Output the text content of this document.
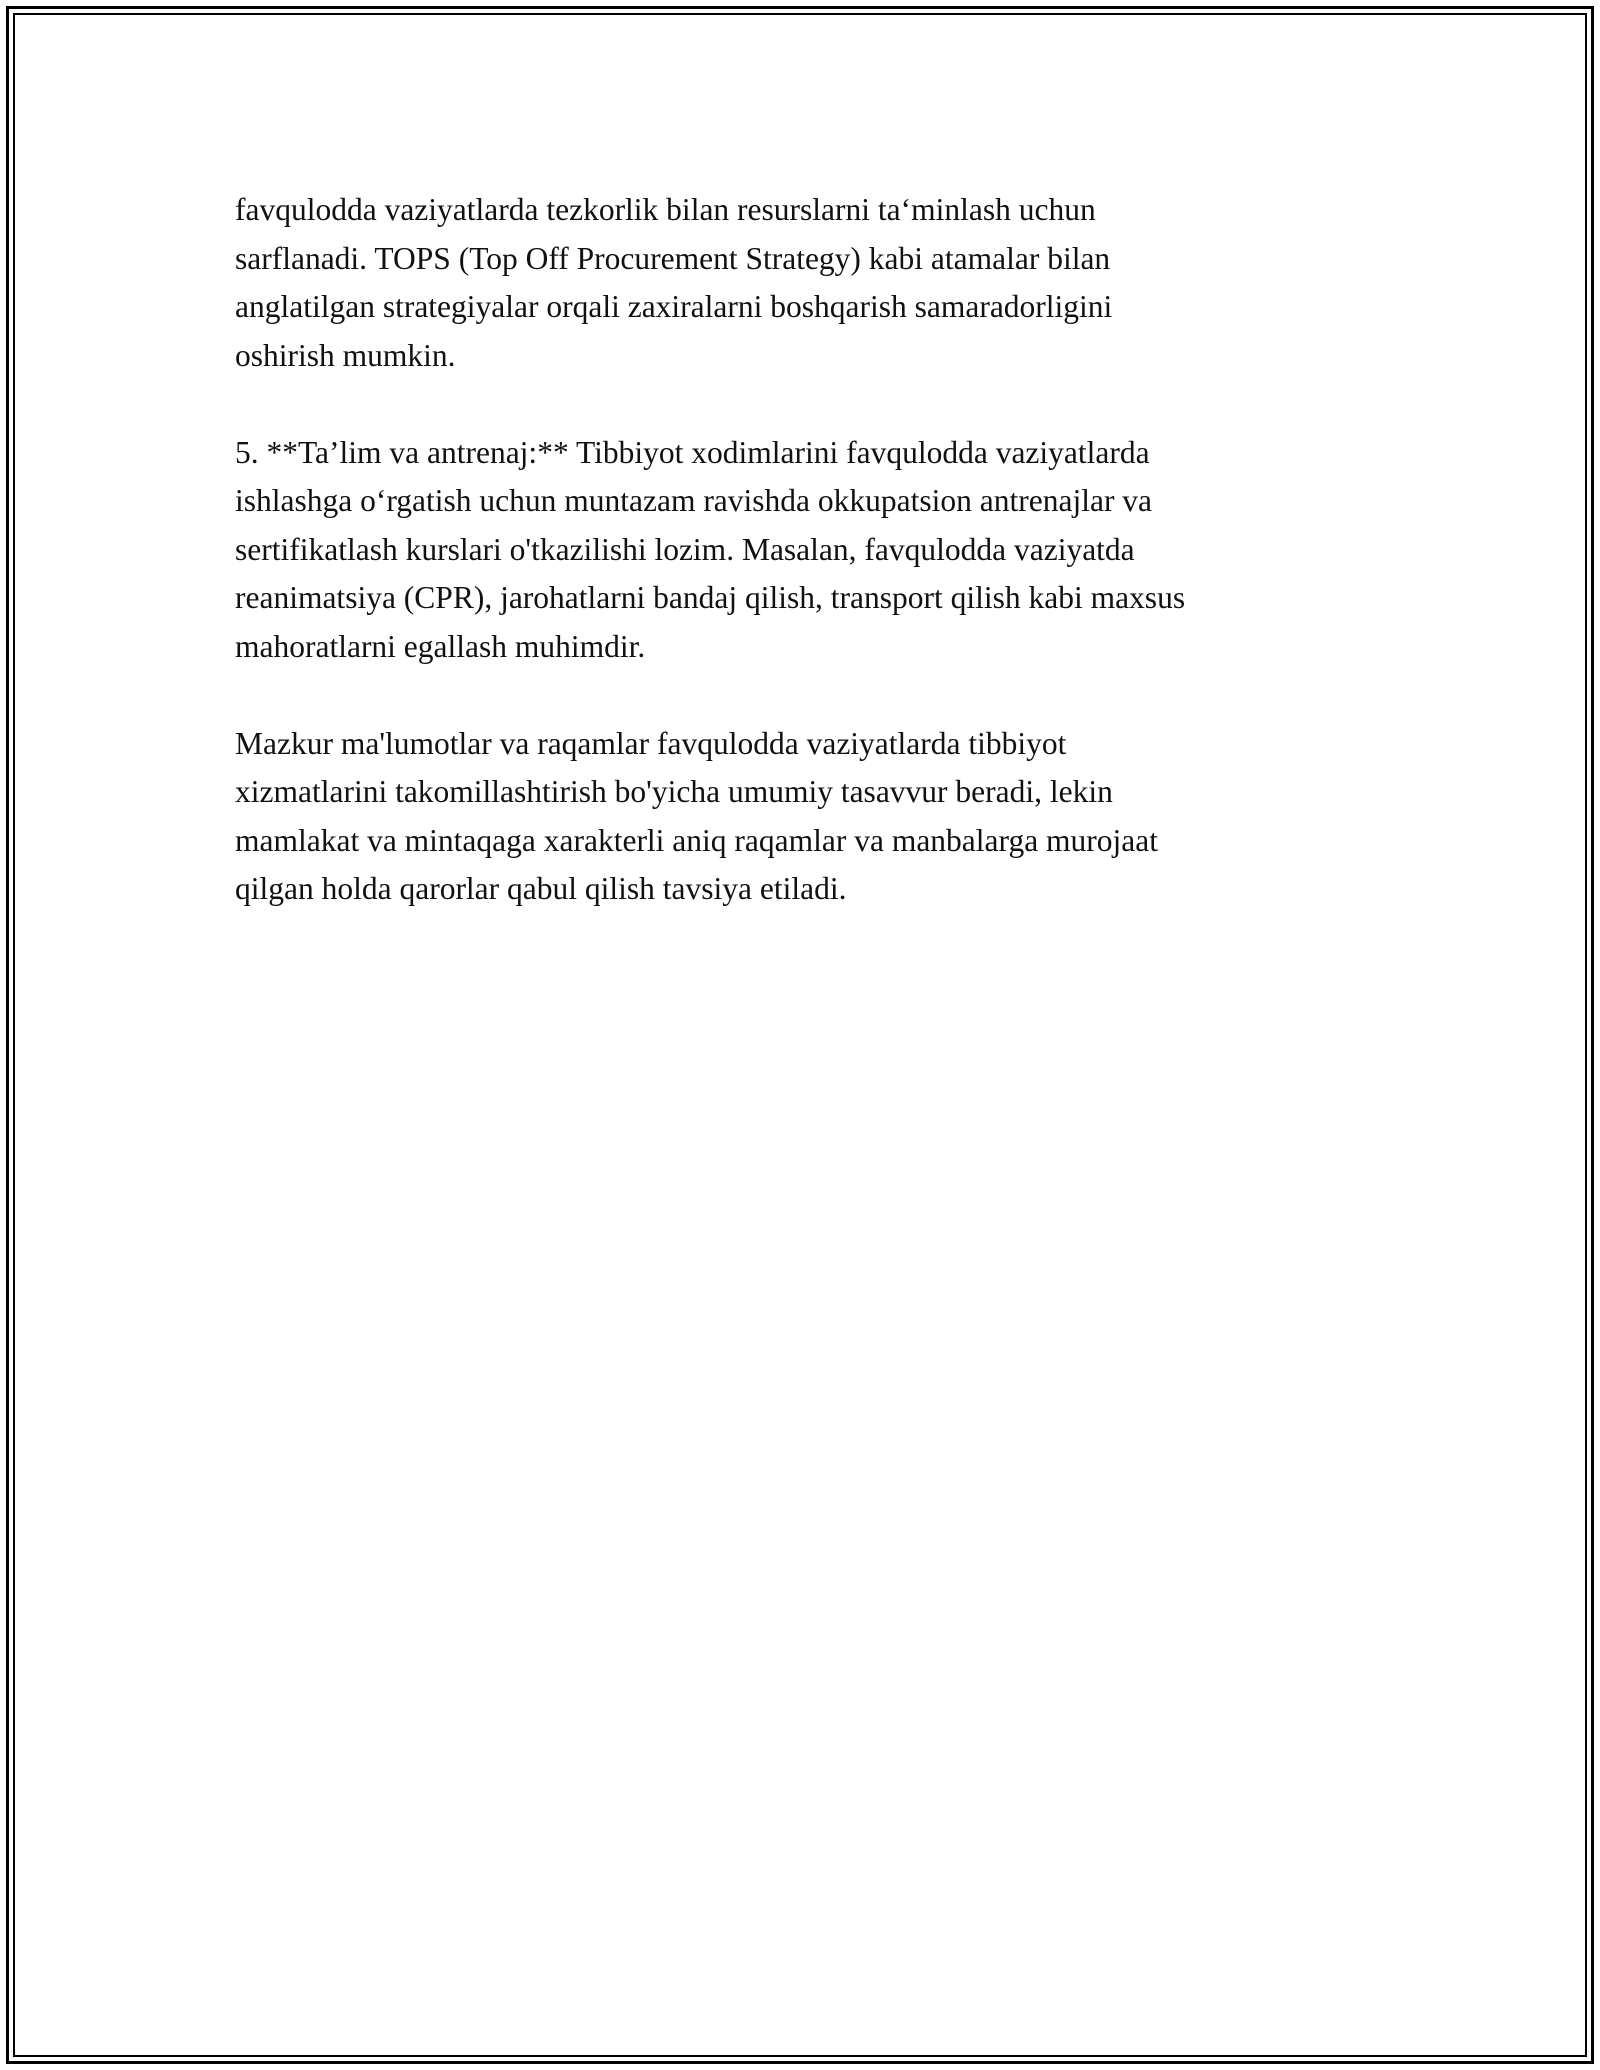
favqulodda vaziyatlarda tezkorlik bilan resurslarni ta‘minlash uchun
sarflanadi. TOPS (Top Off Procurement Strategy) kabi atamalar bilan
anglatilgan strategiyalar orqali zaxiralarni boshqarish samaradorligini
oshirish mumkin.

5. **Ta’lim va antrenaj:** Tibbiyot xodimlarini favqulodda vaziyatlarda
ishlashga o‘rgatish uchun muntazam ravishda okkupatsion antrenajlar va
sertifikatlash kurslari o'tkazilishi lozim. Masalan, favqulodda vaziyatda
reanimatsiya (CPR), jarohatlarni bandaj qilish, transport qilish kabi maxsus
mahoratlarni egallash muhimdir.

Mazkur ma'lumotlar va raqamlar favqulodda vaziyatlarda tibbiyot
xizmatlarini takomillashtirish bo'yicha umumiy tasavvur beradi, lekin
mamlakat va mintaqaga xarakterli aniq raqamlar va manbalarga murojaat
qilgan holda qarorlar qabul qilish tavsiya etiladi.
